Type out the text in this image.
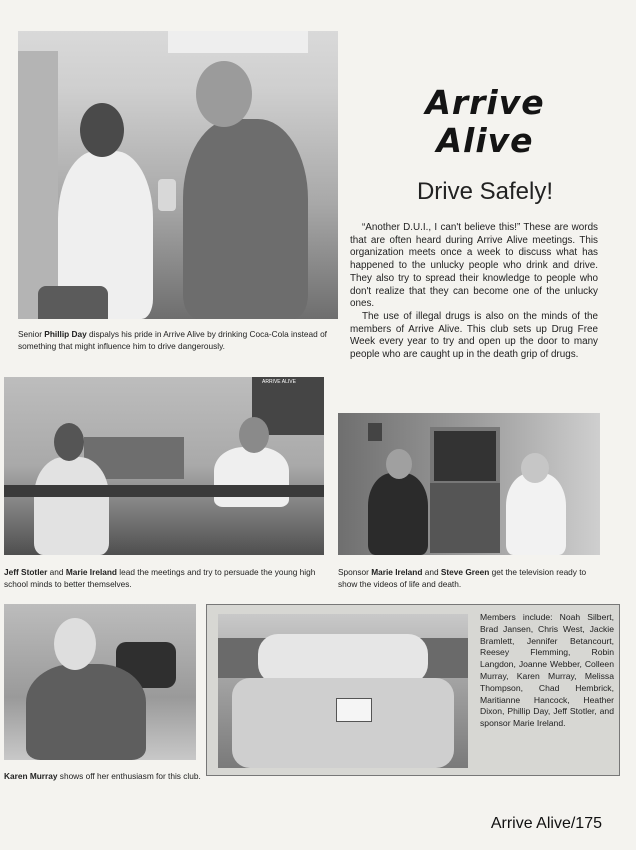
Senior Phillip Day dispalys his pride in Arrive Alive by drinking Coca-Cola instead of something that might influence him to drive dangerously.
Arrive
Alive
Drive Safely!

“Another D.U.I., I can't believe this!” These are words that are often heard during Arrive Alive meetings. This organization meets once a week to discuss what has happened to the unlucky people who drink and drive. They also try to spread their knowledge to people who don't realize that they can become one of the unlucky ones.

The use of illegal drugs is also on the minds of the members of Arrive Alive. This club sets up Drug Free Week every year to try and open up the door to many people who are caught up in the death grip of drugs.

ARRIVE ALIVE
Jeff Stotler and Marie Ireland lead the meetings and try to persuade the young high school minds to better themselves.
Sponsor Marie Ireland and Steve Green get the television ready to show the videos of life and death.
Karen Murray shows off her enthusiasm for this club.
Members include: Noah Silbert, Brad Jansen, Chris West, Jackie Bramlett, Jennifer Betancourt, Reesey Flemming, Robin Langdon, Joanne Webber, Colleen Murray, Karen Murray, Melissa Thompson, Chad Hembrick, Maritianne Hancock, Heather Dixon, Phillip Day, Jeff Stotler, and sponsor Marie Ireland.
Arrive Alive/175
